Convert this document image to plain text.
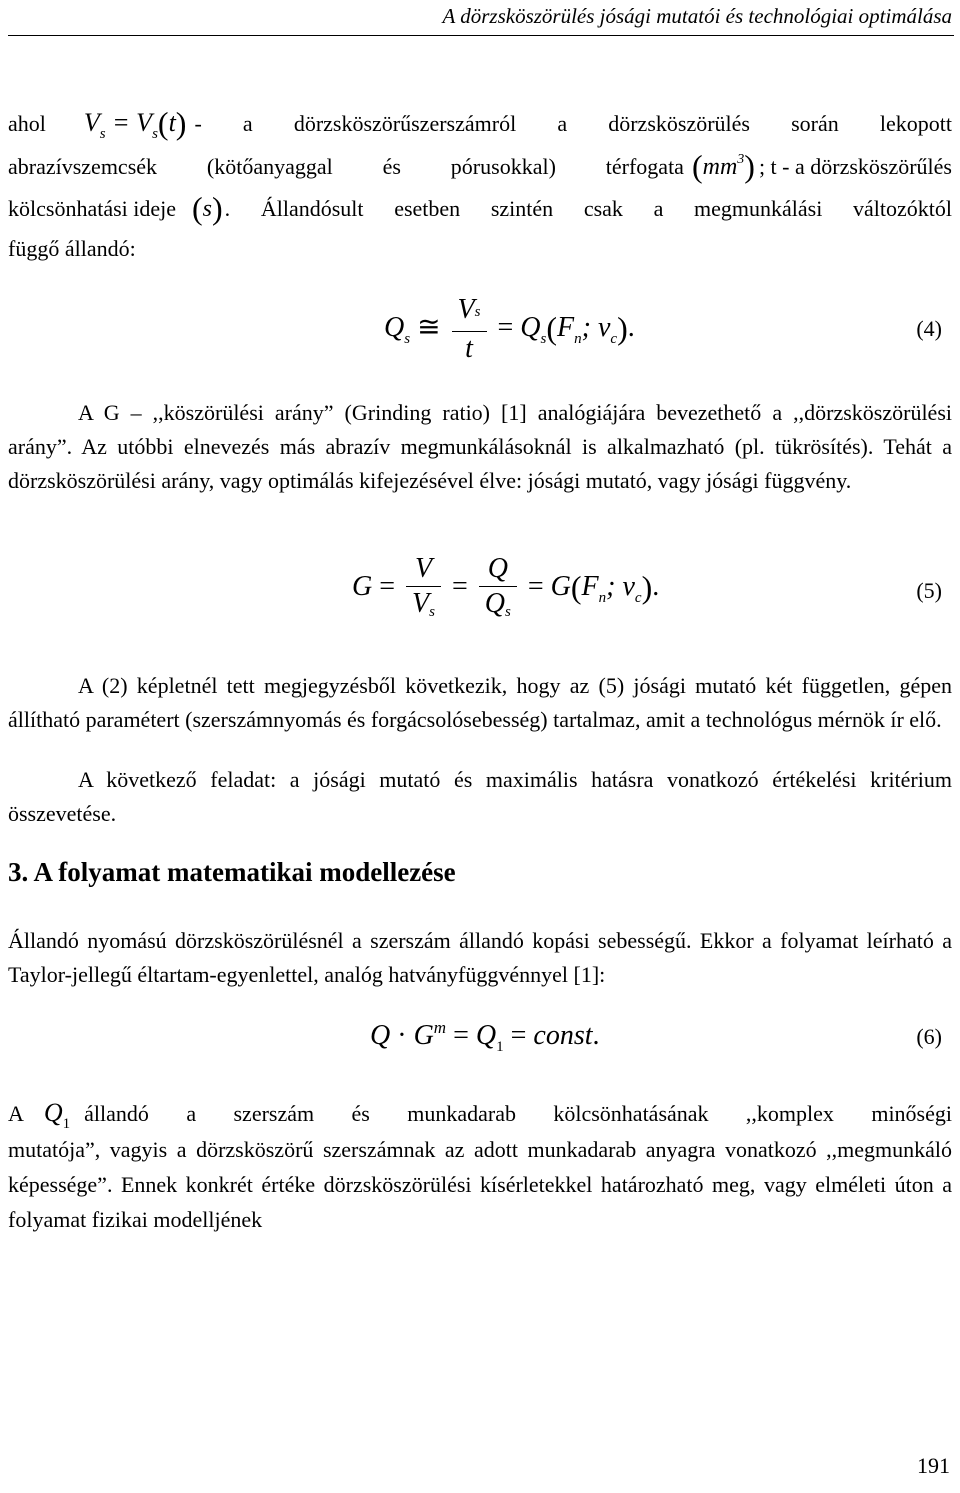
A dörzsköszörülés jósági mutatói és technológiai optimálása
ahol $V_s = V_s(t) - a$ dörzsköszörűszerszámról a dörzsköszörülés során lekopott
abrazívszemcsék (kötőanyaggal és pórusokkal) térfogata $(mm^3)$ ; t - a dörzsköszörűlés
kölcsönhatási ideje (s) . Állandósult esetben szintén csak a megmunkálási változóktól
függő állandó:
$Q_s$ ≅ $\frac{Vs}{t} = Q_s(F_n$; $v_c$).	(4)
A G – ,,köszörülési arány” (Grinding ratio) [1] analógiájára bevezethető a ,,dörzsköszörülési arány”. Az utóbbi elnevezés más abrazív megmunkálásoknál is alkalmazható (pl. tükrösítés). Tehát a dörzsköszörülési arány, vagy optimálás kifejezésével élve: jósági mutató, vagy jósági függvény.
$G = \frac{V}{Vs} = \frac{Q}{Qs} = G(F_n$; $v_c$).	(5)
A (2) képletnél tett megjegyzésből következik, hogy az (5) jósági mutató két független, gépen állítható paramétert (szerszámnyomás és forgácsolósebesség) tartalmaz, amit a technológus mérnök ír elő.
A következő feladat: a jósági mutató és maximális hatásra vonatkozó értékelési kritérium összevetése.
3. A folyamat matematikai modellezése
Állandó nyomású dörzsköszörülésnél a szerszám állandó kopási sebességű. Ekkor a folyamat leírható a Taylor-jellegű éltartam-egyenlettel, analóg hatványfüggvénnyel [1]:
$Q \cdot G^m = Q_1$ = const.	(6)
A $Q_1$ állandó a szerszám és munkadarab kölcsönhatásának ,,komplex minőségi
mutatója”, vagyis a dörzsköszörű szerszámnak az adott munkadarab anyagra vonatkozó ,,megmunkáló képessége”. Ennek konkrét értéke dörzsköszörülési kísérletekkel határozható meg, vagy elméleti úton a folyamat fizikai modelljének
191
